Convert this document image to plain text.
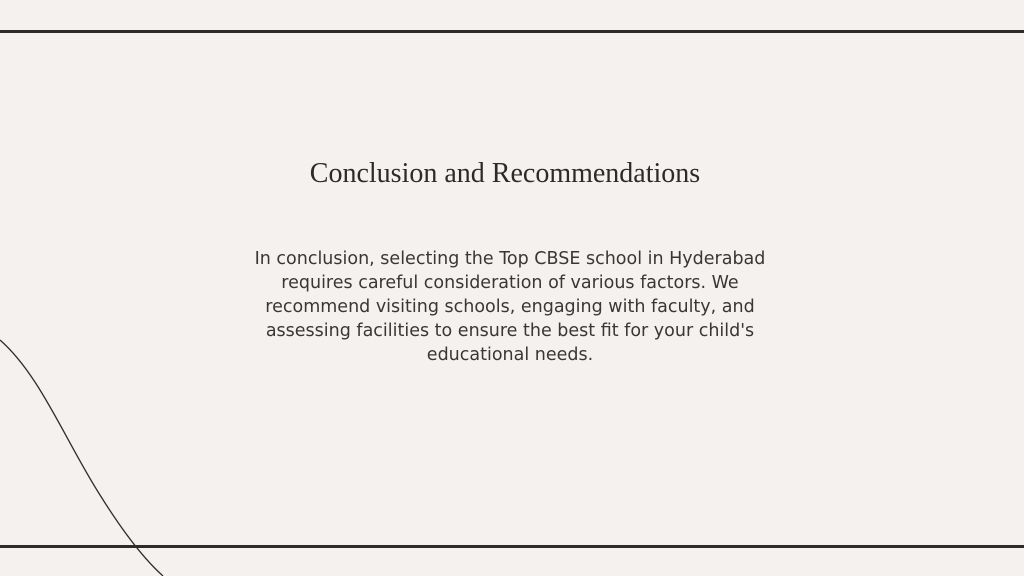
Conclusion and Recommendations

In conclusion, selecting the Top CBSE school in Hyderabad requires careful consideration of various factors. We recommend visiting schools, engaging with faculty, and assessing facilities to ensure the best fit for your child's educational needs.
